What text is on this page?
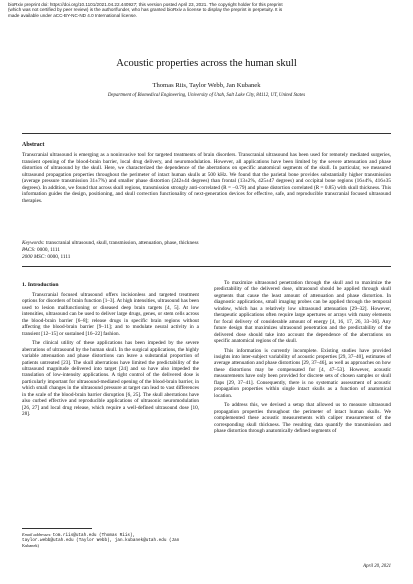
bioRxiv preprint doi: https://doi.org/10.1101/2021.04.22.440927; this version posted April 23, 2021. The copyright holder for this preprint
(which was not certified by peer review) is the author/funder, who has granted bioRxiv a license to display the preprint in perpetuity. It is
made available under aCC-BY-NC-ND 4.0 International license.
Acoustic properties across the human skull
Thomas Riis, Taylor Webb, Jan Kubanek
Department of Biomedical Engineering, University of Utah, Salt Lake City, 84112, UT, United States
Abstract
Transcranial ultrasound is emerging as a noninvasive tool for targeted treatments of brain disorders. Transcranial ultrasound has been used for remotely mediated surgeries, transient opening of the blood-brain barrier, local drug delivery, and neuromodulation. However, all applications have been limited by the severe attenuation and phase distortion of ultrasound by the skull. Here, we characterized the dependence of the aberrations on specific anatomical segments of the skull. In particular, we measured ultrasound propagation properties throughout the perimeter of intact human skulls at 500 kHz. We found that the parietal bone provides substantially higher transmission (average pressure transmission 31±7%) and smaller phase distortion (242±44 degrees) than frontal (13±2%, 425±47 degrees) and occipital bone regions (16±4%, 416±35 degrees). In addition, we found that across skull regions, transmission strongly anti-correlated (R = −0.79) and phase distortion correlated (R = 0.85) with skull thickness. This information guides the design, positioning, and skull correction functionality of next-generation devices for effective, safe, and reproducible transcranial focused ultrasound therapies.
Keywords: transcranial ultrasound, skull, transmission, attenuation, phase, thickness
PACS: 0000, 1111
2000 MSC: 0000, 1111
1. Introduction

Transcranial focused ultrasound offers incisionless and targeted treatment options for disorders of brain function [1–3]. At high intensities, ultrasound has been used to lesion malfunctioning or diseased deep brain targets [4, 5]. At low intensities, ultrasound can be used to deliver large drugs, genes, or stem cells across the blood-brain barrier [6–8]; release drugs in specific brain regions without affecting the blood-brain barrier [9–11]; and to modulate neural activity in a transient [12–15] or sustained [16–22] fashion.

The clinical utility of these applications has been impeded by the severe aberrations of ultrasound by the human skull. In the surgical applications, the highly variable attenuation and phase distortions can leave a substantial proportion of patients untreated [23]. The skull aberrations have limited the predictability of the ultrasound magnitude delivered into target [24] and so have also impeded the translation of low-intensity applications. A tight control of the delivered dose is particularly important for ultrasound-mediated opening of the blood-brain barrier, in which small changes in the ultrasound pressure at target can lead to vast differences in the scale of the blood-brain barrier disruption [6, 25]. The skull aberrations have also curbed effective and reproducible applications of ultrasonic neuromodulation [26, 27] and local drug release, which require a well-defined ultrasound dose [10, 28].

To maximize ultrasound penetration through the skull and to maximize the predictability of the delivered dose, ultrasound should be applied through skull segments that cause the least amount of attenuation and phase distortion. In diagnostic applications, small imaging probes can be applied through the temporal window, which has a relatively low ultrasound attenuation [29–32]. However, therapeutic applications often require large apertures or arrays with many elements for focal delivery of considerable amount of energy [4, 16, 17, 26, 33–36]. Any future design that maximizes ultrasound penetration and the predictability of the delivered dose should take into account the dependence of the aberrations on specific anatomical regions of the skull.

This information is currently incomplete. Existing studies have provided insights into inter-subject variability of acoustic properties [29, 37–40], estimates of average attenuation and phase distortions [29, 37–46], as well as approaches on how these distortions may be compensated for [4, 47–53]. However, acoustic measurements have only been provided for discrete sets of chosen samples or skull flaps [29, 37–41]. Consequently, there is no systematic assessment of acoustic propagation properties within single intact skulls as a function of anatomical location.

To address this, we devised a setup that allowed us to measure ultrasound propagation properties throughout the perimeter of intact human skulls. We complemented these acoustic measurements with caliper measurement of the corresponding skull thickness. The resulting data quantify the transmission and phase distortion through anatomically defined segments of

Email addresses: tom.riis@utah.edu (Thomas Riis),
taylor.webb@utah.edu (Taylor Webb), jan.kubanek@utah.edu (Jan
Kubanek)
April 20, 2021
